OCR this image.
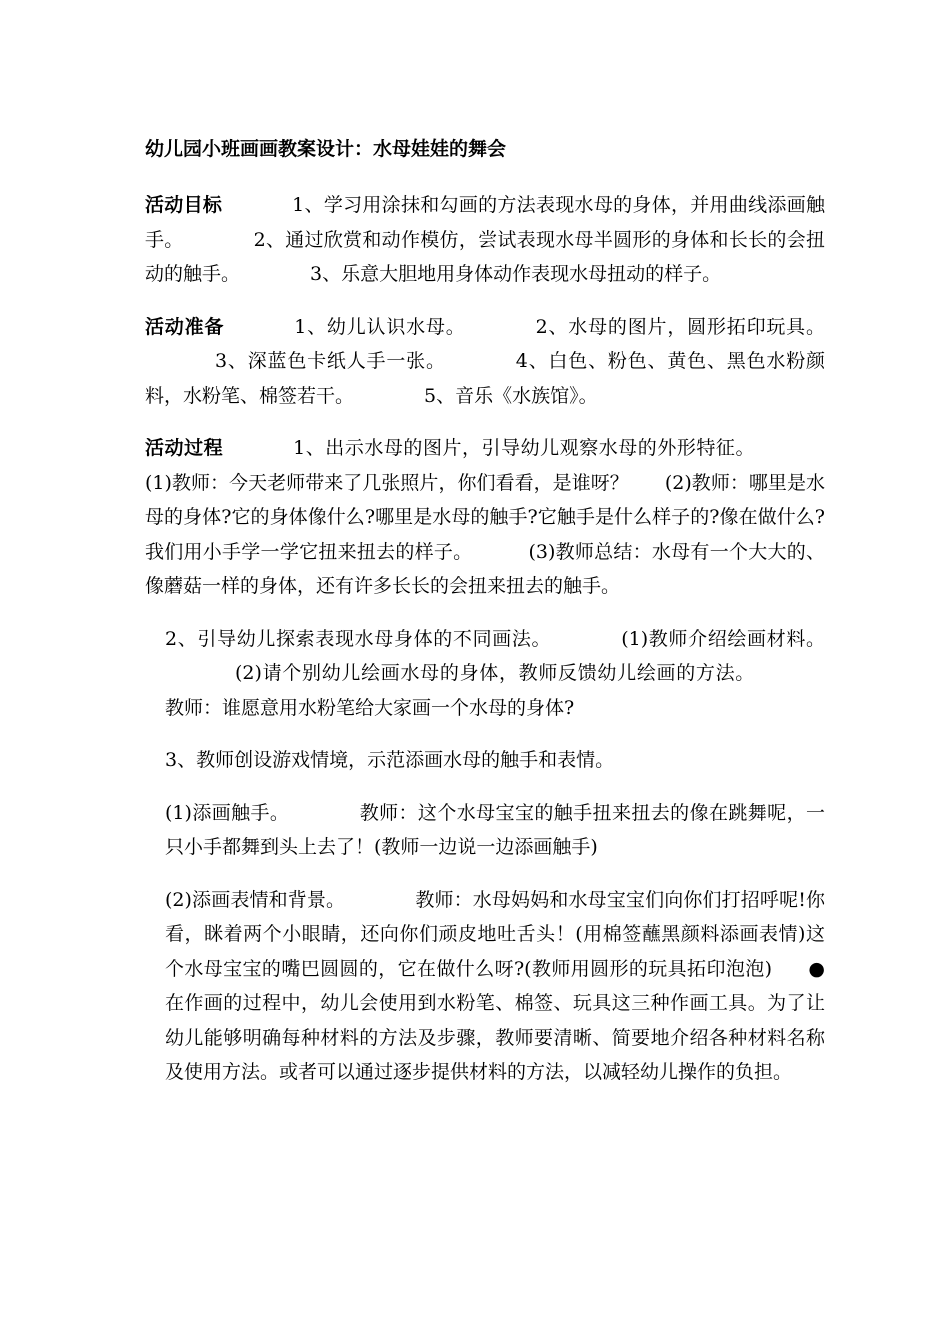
幼儿园小班画画教案设计：水母娃娃的舞会

活动目标	1、学习用涂抹和勾画的方法表现水母的身体，并用曲线添画触手。	2、通过欣赏和动作模仿，尝试表现水母半圆形的身体和长长的会扭动的触手。	3、乐意大胆地用身体动作表现水母扭动的样子。

活动准备	1、幼儿认识水母。	2、水母的图片，圆形拓印玩具。3、深蓝色卡纸人手一张。	4、白色、粉色、黄色、黑色水粉颜料，水粉笔、棉签若干。	5、音乐《水族馆》。

活动过程	1、出示水母的图片，引导幼儿观察水母的外形特征。(1)教师：今天老师带来了几张照片，你们看看，是谁呀？ (2)教师：哪里是水母的身体?它的身体像什么?哪里是水母的触手?它触手是什么样子的?像在做什么?我们用小手学一学它扭来扭去的样子。	(3)教师总结：水母有一个大大的、像蘑菇一样的身体，还有许多长长的会扭来扭去的触手。

2、引导幼儿探索表现水母身体的不同画法。	(1)教师介绍绘画材料。(2)请个别幼儿绘画水母的身体，教师反馈幼儿绘画的方法。教师：谁愿意用水粉笔给大家画一个水母的身体?

3、教师创设游戏情境，示范添画水母的触手和表情。

(1)添画触手。	教师：这个水母宝宝的触手扭来扭去的像在跳舞呢，一只小手都舞到头上去了！(教师一边说一边添画触手)

(2)添画表情和背景。	教师：水母妈妈和水母宝宝们向你们打招呼呢!你看，眯着两个小眼睛，还向你们顽皮地吐舌头！(用棉签蘸黑颜料添画表情)这个水母宝宝的嘴巴圆圆的，它在做什么呀?(教师用圆形的玩具拓印泡泡) ●在作画的过程中，幼儿会使用到水粉笔、棉签、玩具这三种作画工具。为了让幼儿能够明确每种材料的方法及步骤，教师要清晰、简要地介绍各种材料名称及使用方法。或者可以通过逐步提供材料的方法，以减轻幼儿操作的负担。
